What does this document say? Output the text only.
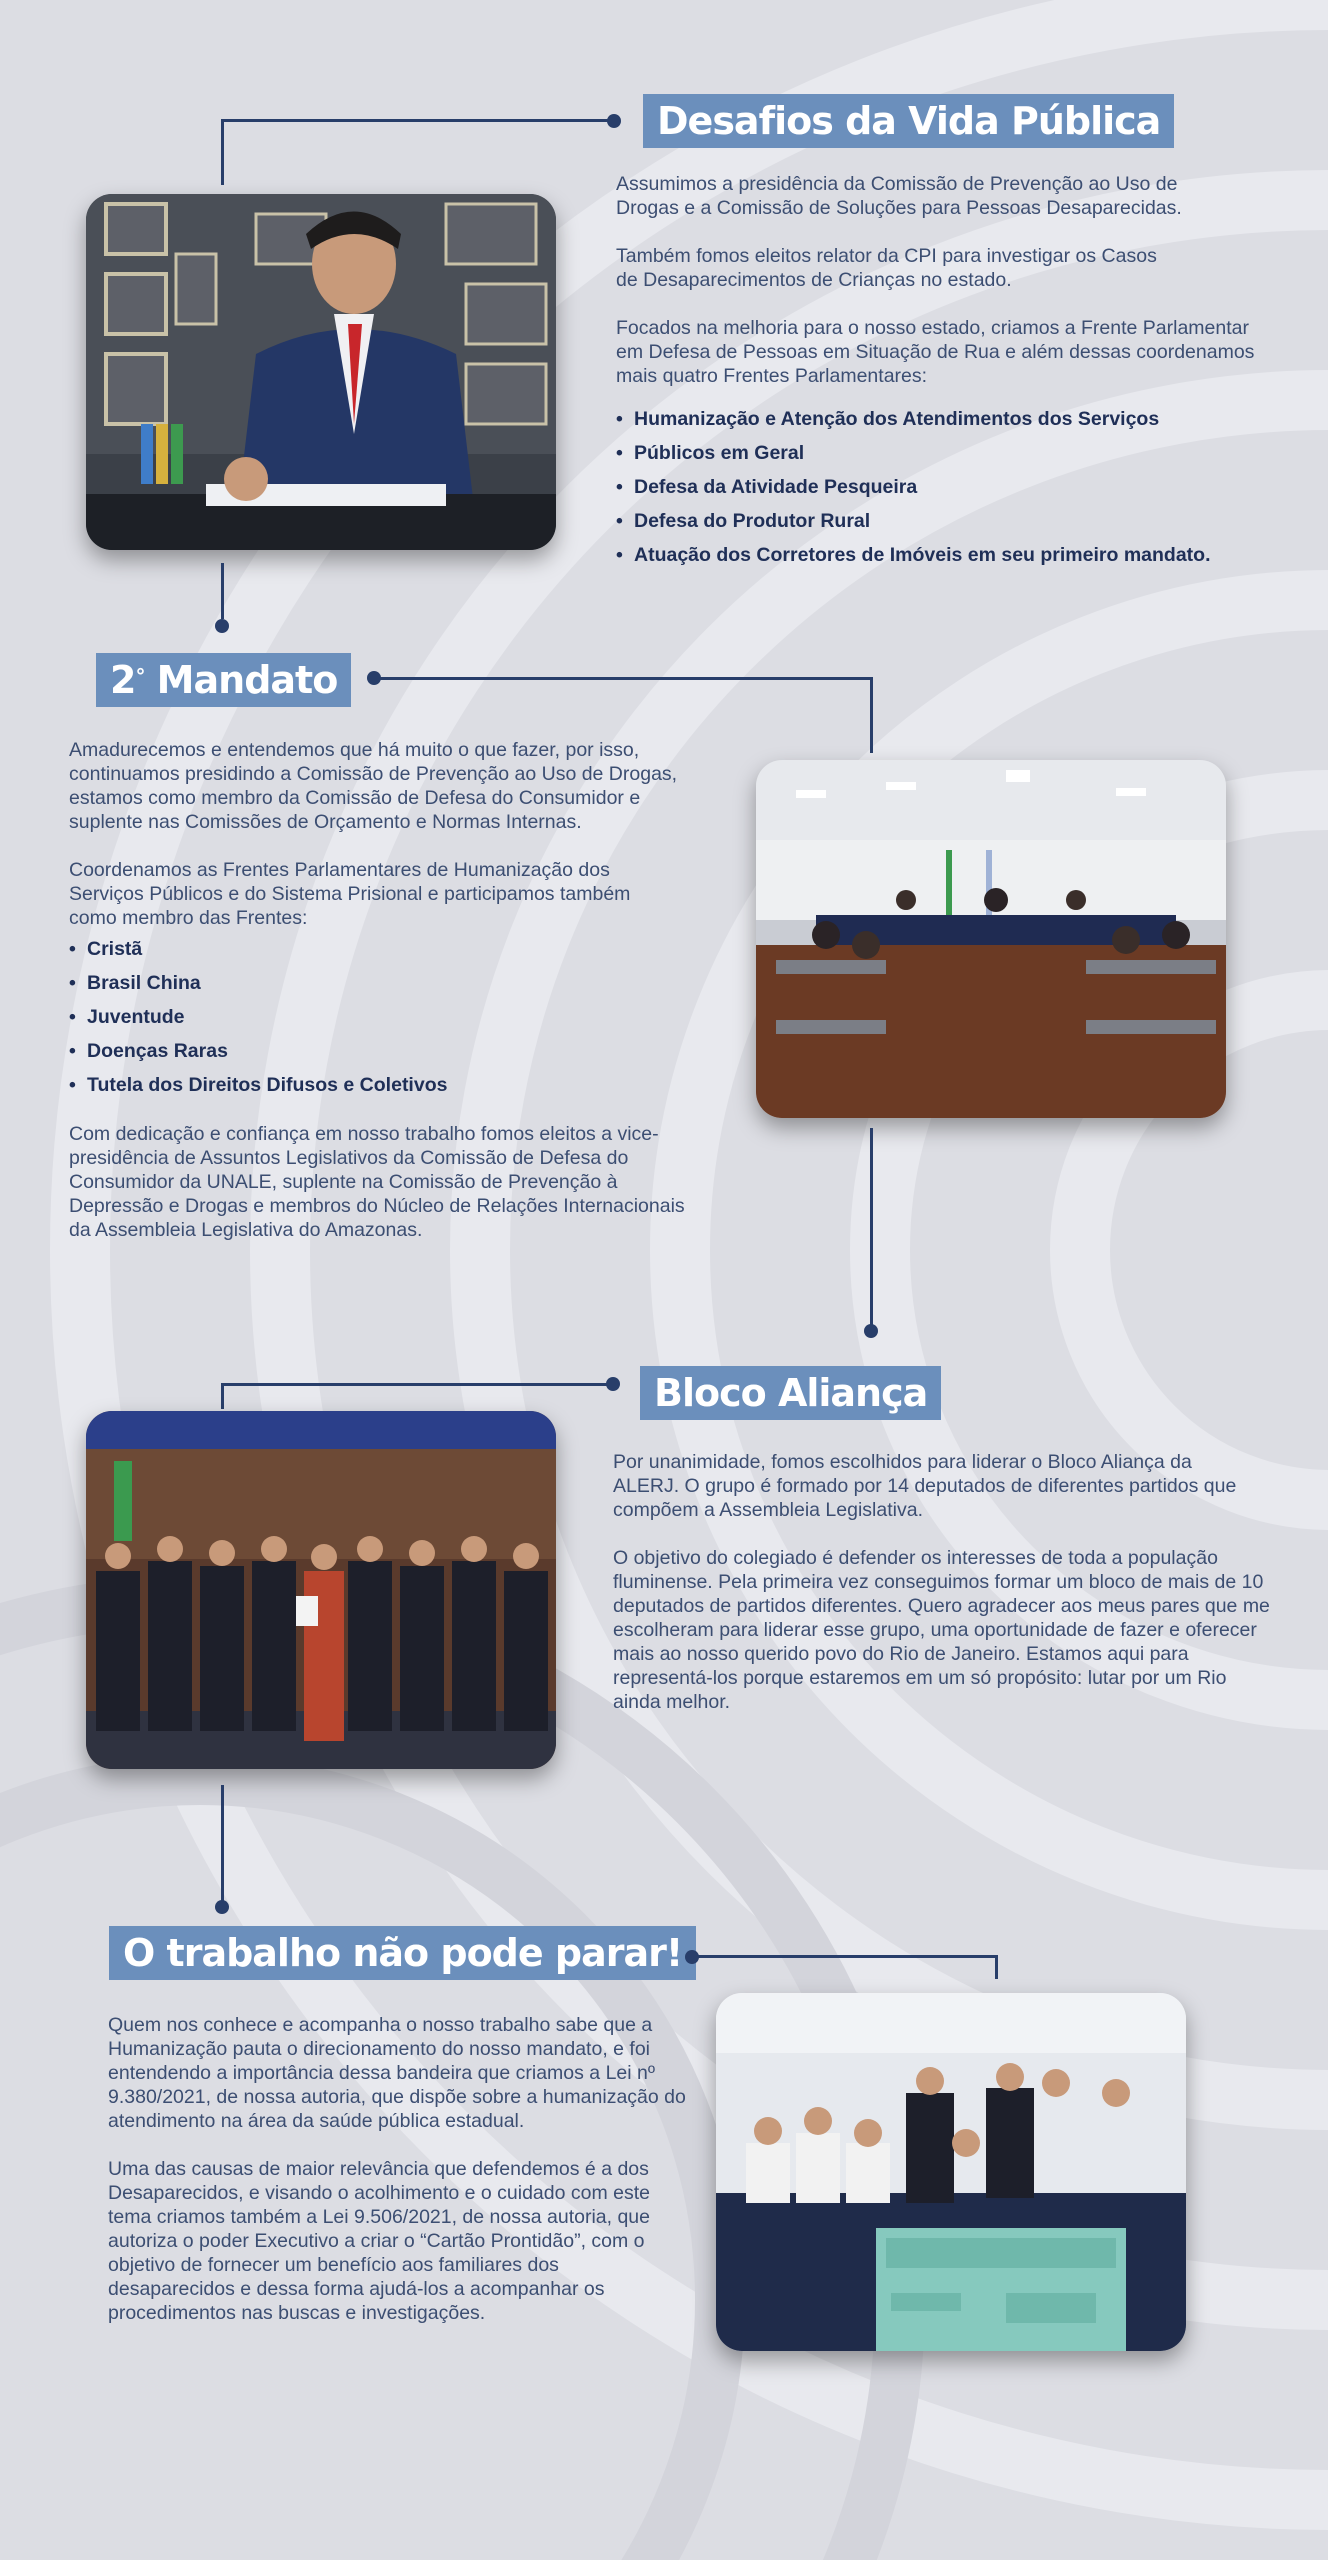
Desafios da Vida Pública

Assumimos a presidência da Comissão de Prevenção ao Uso de Drogas e a Comissão de Soluções para Pessoas Desaparecidas.

Também fomos eleitos relator da CPI para investigar os Casos de Desaparecimentos de Crianças no estado.

Focados na melhoria para o nosso estado, criamos a Frente Parlamentar em Defesa de Pessoas em Situação de Rua e além dessas coordenamos mais quatro Frentes Parlamentares:

• Humanização e Atenção dos Atendimentos dos Serviços
• Públicos em Geral
• Defesa da Atividade Pesqueira
• Defesa do Produtor Rural
• Atuação dos Corretores de Imóveis em seu primeiro mandato.
2° Mandato

Amadurecemos e entendemos que há muito o que fazer, por isso, continuamos presidindo a Comissão de Prevenção ao Uso de Drogas, estamos como membro da Comissão de Defesa do Consumidor e suplente nas Comissões de Orçamento e Normas Internas.

Coordenamos as Frentes Parlamentares de Humanização dos Serviços Públicos e do Sistema Prisional e participamos também como membro das Frentes:

• Cristã
• Brasil China
• Juventude
• Doenças Raras
• Tutela dos Direitos Difusos e Coletivos

Com dedicação e confiança em nosso trabalho fomos eleitos a vice-presidência de Assuntos Legislativos da Comissão de Defesa do Consumidor da UNALE, suplente na Comissão de Prevenção à Depressão e Drogas e membros do Núcleo de Relações Internacionais da Assembleia Legislativa do Amazonas.

Bloco Aliança

Por unanimidade, fomos escolhidos para liderar o Bloco Aliança da ALERJ. O grupo é formado por 14 deputados de diferentes partidos que compõem a Assembleia Legislativa.

O objetivo do colegiado é defender os interesses de toda a população fluminense. Pela primeira vez conseguimos formar um bloco de mais de 10 deputados de partidos diferentes. Quero agradecer aos meus pares que me escolheram para liderar esse grupo, uma oportunidade de fazer e oferecer mais ao nosso querido povo do Rio de Janeiro. Estamos aqui para representá-los porque estaremos em um só propósito: lutar por um Rio ainda melhor.

O trabalho não pode parar!

Quem nos conhece e acompanha o nosso trabalho sabe que a Humanização pauta o direcionamento do nosso mandato, e foi entendendo a importância dessa bandeira que criamos a Lei nº 9.380/2021, de nossa autoria, que dispõe sobre a humanização do atendimento na área da saúde pública estadual.

Uma das causas de maior relevância que defendemos é a dos Desaparecidos, e visando o acolhimento e o cuidado com este tema criamos também a Lei 9.506/2021, de nossa autoria, que autoriza o poder Executivo a criar o “Cartão Prontidão”, com o objetivo de fornecer um benefício aos familiares dos desaparecidos e dessa forma ajudá-los a acompanhar os procedimentos nas buscas e investigações.
